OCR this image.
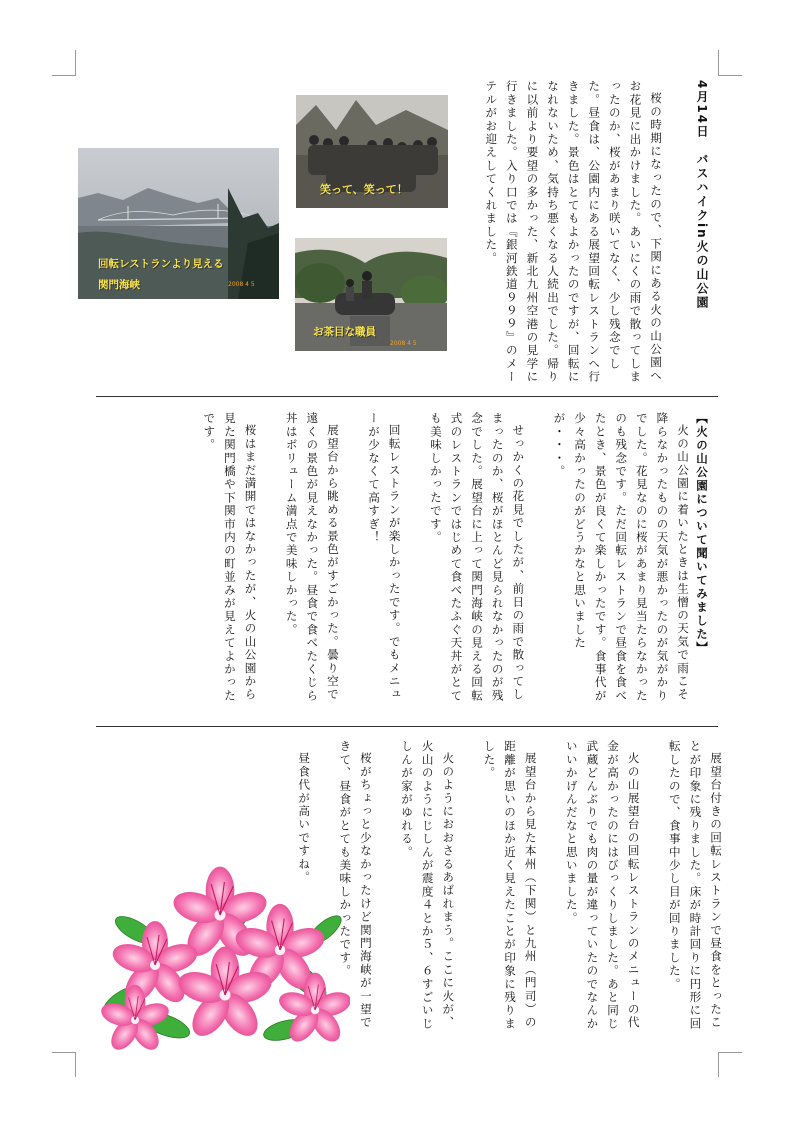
4月14日　バスハイクin火の山公園

桜の時期になったので、下関にある火の山公園へお花見に出かけました。あいにくの雨で散ってしまったのか、桜があまり咲いてなく、少し残念でした。昼食は、公園内にある展望回転レストランへ行きました。景色はとてもよかったのですが、回転になれないため、気持ち悪くなる人続出でした。帰りに以前より要望の多かった、新北九州空港の見学に行きました。入り口では『銀河鉄道９９９』のメーテルがお迎えしてくれました。

回転レストランより見える
関門海峡	2008 4 5
笑って、笑って！
お茶目な職員
2008 4 5
【火の山公園について聞いてみました】

火の山公園に着いたときは生憎の天気で雨こそ降らなかったものの天気が悪かったのが気がかりでした。花見なのに桜があまり見当たらなかったのも残念です。ただ回転レストランで昼食を食べたとき、景色が良くて楽しかったです。食事代が少々高かったのがどうかなと思いましたが・・・。

せっかくの花見でしたが、前日の雨で散ってしまったのか、桜がほとんど見られなかったのが残念でした。展望台に上って関門海峡の見える回転式のレストランではじめて食べたふぐ天丼がとても美味しかったです。

回転レストランが楽しかったです。でもメニューが少なくて高すぎ！

展望台から眺める景色がすごかった。曇り空で遠くの景色が見えなかった。昼食で食べたくじら丼はボリューム満点で美味しかった。

桜はまだ満開ではなかったが、火の山公園から見た関門橋や下関市内の町並みが見えてよかったです。

展望台付きの回転レストランで昼食をとったことが印象に残りました。床が時計回りに円形に回転したので、食事中少し目が回りました。

火の山展望台の回転レストランのメニューの代金が高かったのにはびっくりしました。あと同じ武蔵どんぶりでも肉の量が違っていたのでなんかいいかげんだなと思いました。

展望台から見た本州（下関）と九州（門司）の距離が思いのほか近く見えたことが印象に残りました。

火のようにおおさるあばれまう。ここに火が、火山のようにじしんが震度４とか５、６すごいじしんが家がゆれる。

桜がちょっと少なかったけど関門海峡が一望できて、昼食がとても美味しかったです。

昼食代が高いですね。
